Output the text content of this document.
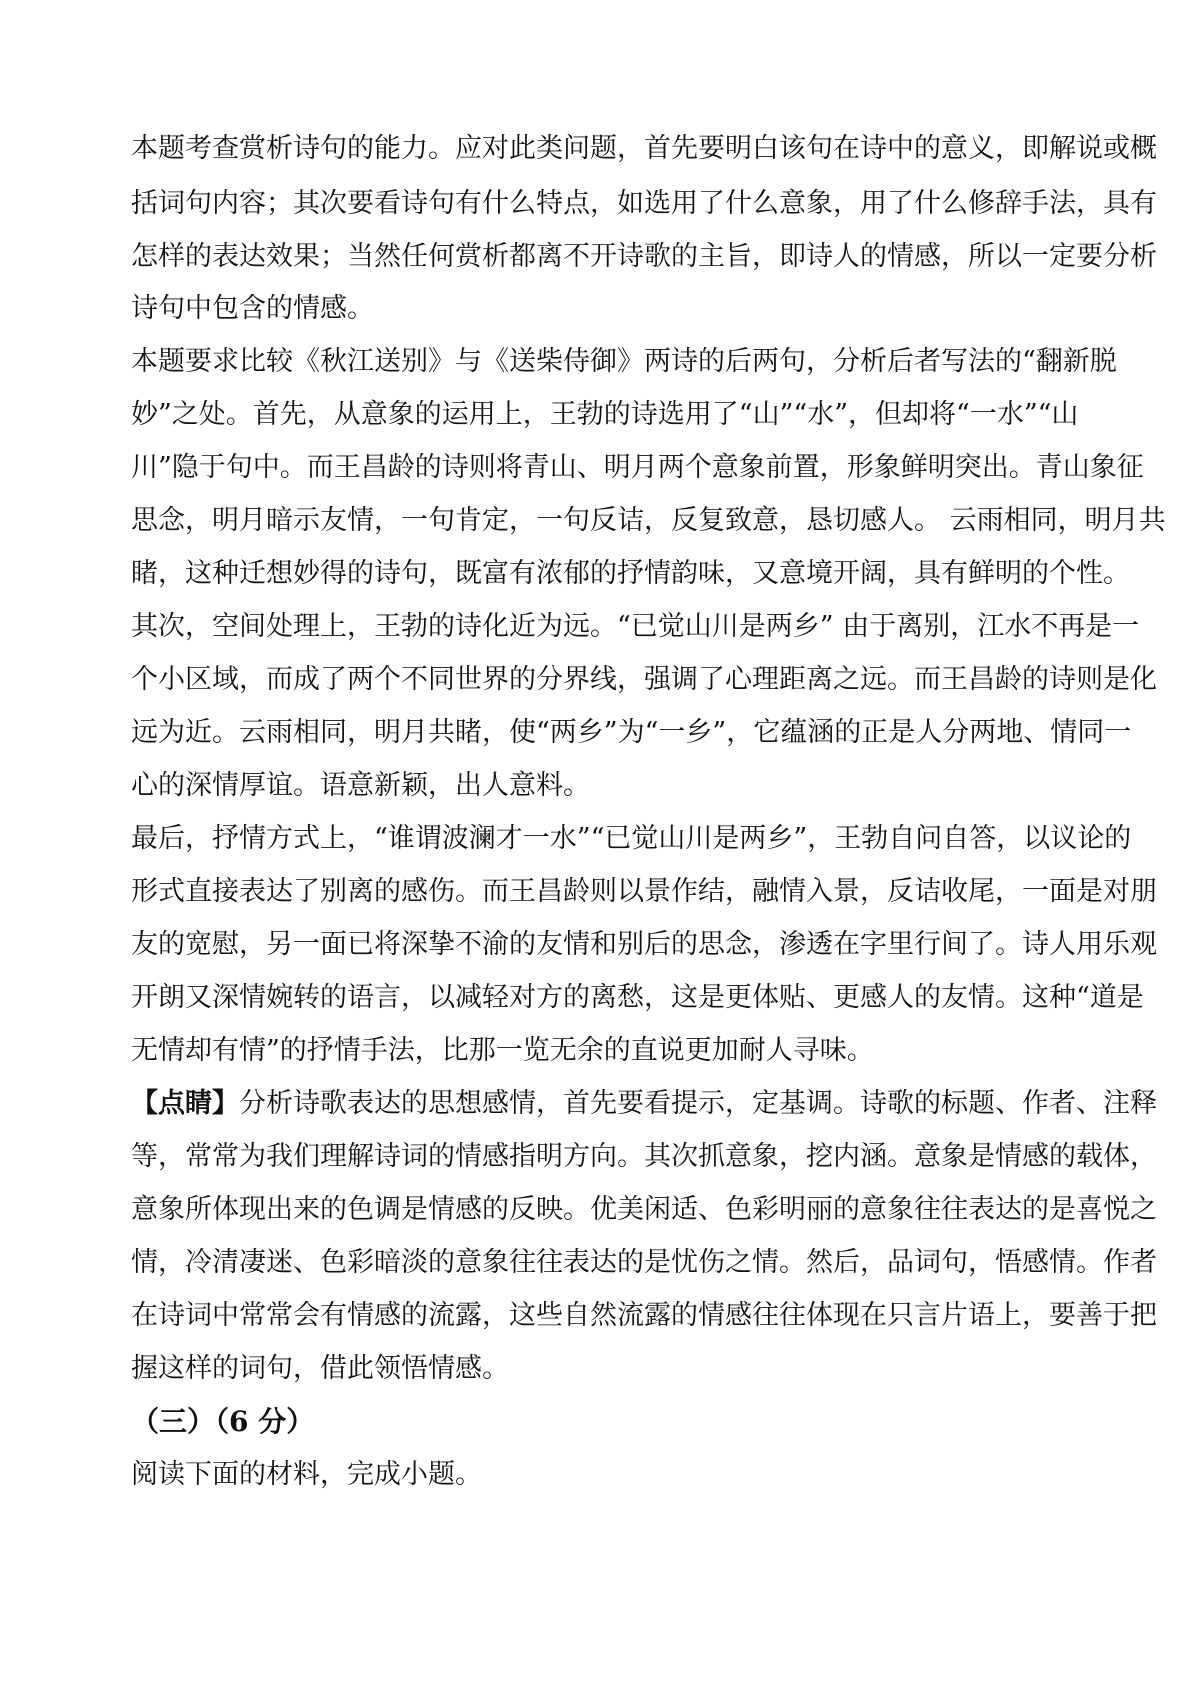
本题考查赏析诗句的能力。应对此类问题，首先要明白该句在诗中的意义，即解说或概
括词句内容；其次要看诗句有什么特点，如选用了什么意象，用了什么修辞手法，具有
怎样的表达效果；当然任何赏析都离不开诗歌的主旨，即诗人的情感，所以一定要分析
诗句中包含的情感。
本题要求比较《秋江送别》与《送柴侍御》两诗的后两句，分析后者写法的“翻新脱
妙”之处。首先，从意象的运用上，王勃的诗选用了“山”“水”，但却将“一水”“山
川”隐于句中。而王昌龄的诗则将青山、明月两个意象前置，形象鲜明突出。青山象征
思念，明月暗示友情，一句肯定，一句反诘，反复致意，恳切感人。 云雨相同，明月共
睹，这种迁想妙得的诗句，既富有浓郁的抒情韵味，又意境开阔，具有鲜明的个性。
其次，空间处理上，王勃的诗化近为远。“已觉山川是两乡” 由于离别，江水不再是一
个小区域，而成了两个不同世界的分界线，强调了心理距离之远。而王昌龄的诗则是化
远为近。云雨相同，明月共睹，使“两乡”为“一乡”，它蕴涵的正是人分两地、情同一
心的深情厚谊。语意新颖，出人意料。
最后，抒情方式上，“谁谓波澜才一水”“已觉山川是两乡”，王勃自问自答，以议论的
形式直接表达了别离的感伤。而王昌龄则以景作结，融情入景，反诘收尾，一面是对朋
友的宽慰，另一面已将深挚不渝的友情和别后的思念，渗透在字里行间了。诗人用乐观
开朗又深情婉转的语言，以减轻对方的离愁，这是更体贴、更感人的友情。这种“道是
无情却有情”的抒情手法，比那一览无余的直说更加耐人寻味。
【点睛】分析诗歌表达的思想感情，首先要看提示，定基调。诗歌的标题、作者、注释
等，常常为我们理解诗词的情感指明方向。其次抓意象，挖内涵。意象是情感的载体，
意象所体现出来的色调是情感的反映。优美闲适、色彩明丽的意象往往表达的是喜悦之
情，冷清凄迷、色彩暗淡的意象往往表达的是忧伤之情。然后，品词句，悟感情。作者
在诗词中常常会有情感的流露，这些自然流露的情感往往体现在只言片语上，要善于把
握这样的词句，借此领悟情感。
（三）（6 分）
阅读下面的材料，完成小题。
